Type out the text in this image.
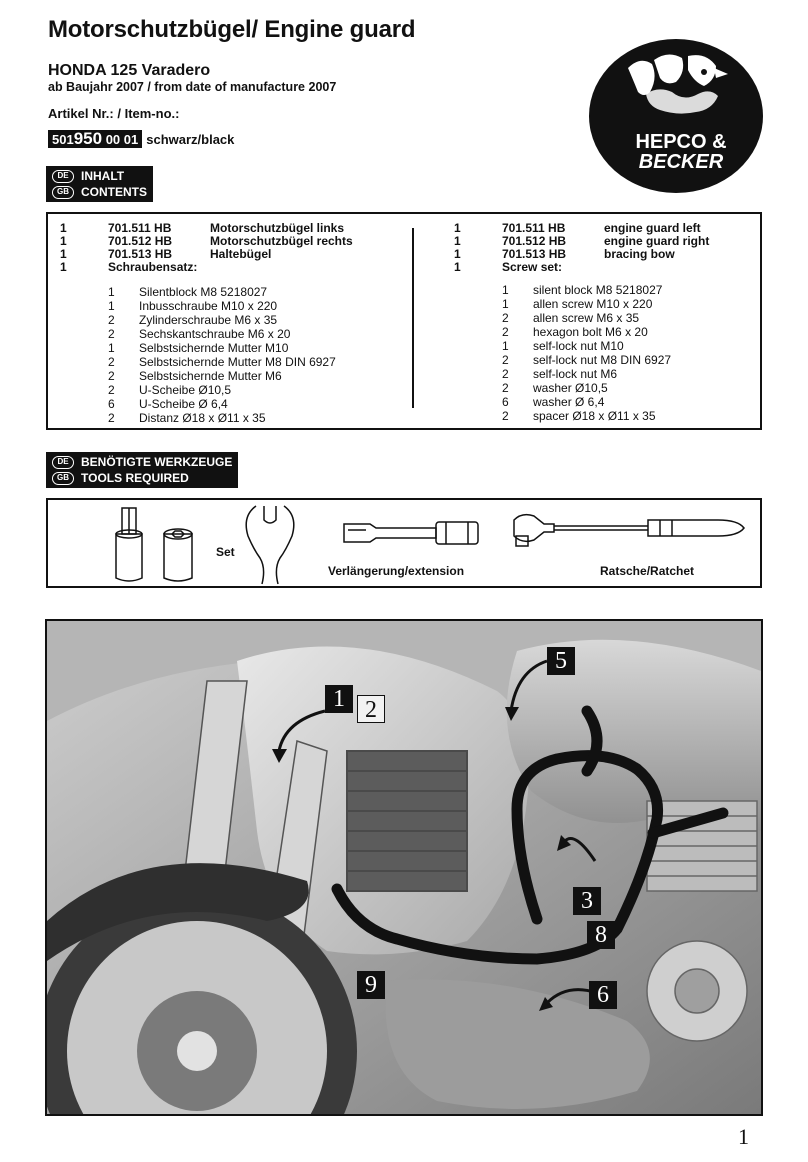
Motorschutzbügel/ Engine guard
HONDA 125 Varadero
ab Baujahr 2007 / from date of manufacture 2007
Artikel Nr.: / Item-no.:
501950 00 01 schwarz/black	HEPCO &
BECKER
DE	INHALT
GB	CONTENTS
1	701.511 HB	Motorschutzbügel links
1	701.512 HB	Motorschutzbügel rechts
1	701.513 HB	Haltebügel
1	Schraubensatz:
1	Silentblock M8 5218027
1	Inbusschraube M10 x 220
2	Zylinderschraube M6 x 35
2	Sechskantschraube M6 x 20
1	Selbstsichernde Mutter M10
2	Selbstsichernde Mutter M8 DIN 6927
2	Selbstsichernde Mutter M6
2	U-Scheibe Ø10,5
6	U-Scheibe Ø 6,4
2	Distanz Ø18 x Ø11 x 35
1	701.511 HB	engine guard left
1	701.512 HB	engine guard right
1	701.513 HB	bracing bow
1	Screw set:
1	silent block M8 5218027
1	allen screw M10 x 220
2	allen screw M6 x 35
2	hexagon bolt M6 x 20
1	self-lock nut M10
2	self-lock nut M8 DIN 6927
2	self-lock nut M6
2	washer Ø10,5
6	washer Ø 6,4
2	spacer Ø18 x Ø11 x 35
DE	BENÖTIGTE WERKZEUGE
GB	TOOLS REQUIRED
Set
Verlängerung/extension	Ratsche/Ratchet
1 2
5
3
8
6
9
1
